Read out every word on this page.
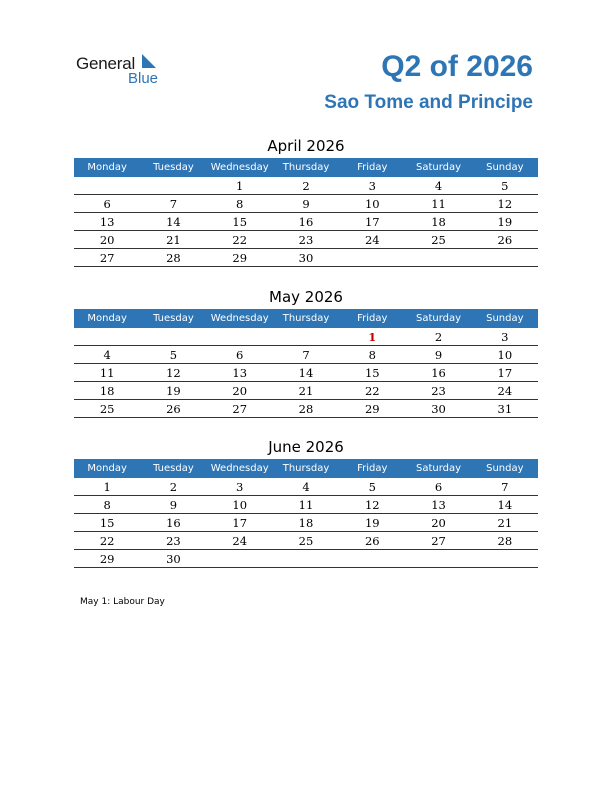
General
Blue	Q2 of 2026
Sao Tome and Principe
April 2026
Monday	Tuesday	Wednesday	Thursday	Friday	Saturday	Sunday
		1	2	3	4	5
6	7	8	9	10	11	12
13	14	15	16	17	18	19
20	21	22	23	24	25	26
27	28	29	30			
May 2026
Monday	Tuesday	Wednesday	Thursday	Friday	Saturday	Sunday
				1	2	3
4	5	6	7	8	9	10
11	12	13	14	15	16	17
18	19	20	21	22	23	24
25	26	27	28	29	30	31
June 2026
Monday	Tuesday	Wednesday	Thursday	Friday	Saturday	Sunday
1	2	3	4	5	6	7
8	9	10	11	12	13	14
15	16	17	18	19	20	21
22	23	24	25	26	27	28
29	30					
May 1: Labour Day
